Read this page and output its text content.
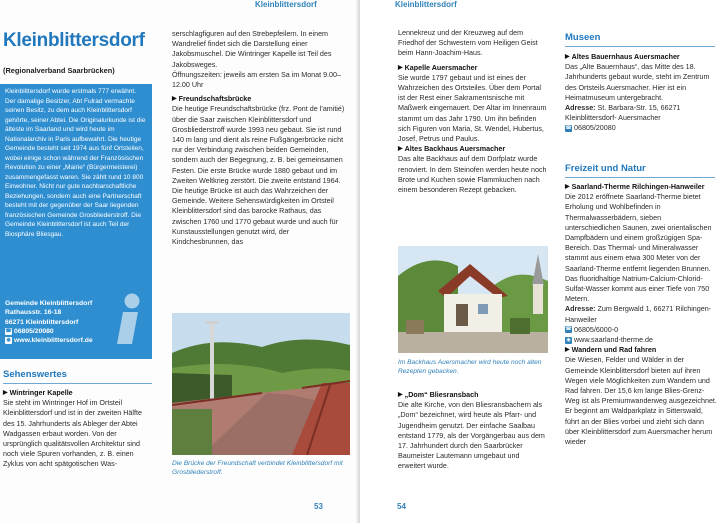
Kleinblittersdorf
Kleinblittersdorf
(Regionalverband Saarbrücken)

Kleinblittersdorf wurde erstmals 777 erwähnt. Der damalige Besitzer, Abt Fulrad vermachte seinen Besitz, zu dem auch Kleinblittersdorf gehörte, seiner Abtei. Die Originalurkunde ist die älteste im Saarland und wird heute im Nationalarchiv in Paris aufbewahrt. Die heutige Gemeinde besteht seit 1974 aus fünf Ortsteilen, wobei einige schon während der Französischen Revolution zu einer „Mairie“ (Bürgermeisterei) zusammengefasst waren. Sie zählt rund 10 800 Einwohner. Nicht nur gute nachbarschaftliche Beziehungen, sondern auch eine Partnerschaft besteht mit der gegenüber der Saar liegenden französischen Gemeinde Grosbliederstroff. Die Gemeinde Kleinblittersdorf ist auch Teil der Biosphäre Bliesgau.

Gemeinde Kleinblittersdorf
Rathausstr. 16-18
66271 Kleinblittersdorf
☎ 06805/20080
◉ www.kleinblittersdorf.de
Sehenswertes
▶ Wintringer Kapelle

Sie steht im Wintringer Hof im Ortsteil Kleinblittersdorf und ist in der zweiten Hälfte des 15. Jahrhunderts als Ableger der Abtei Wadgassen erbaut worden. Von der ursprünglich qualitätsvollen Architektur sind noch viele Spuren vorhanden, z. B. einen Zyklus von acht spätgotischen Was-

serschlagfiguren auf den Strebepfeilern. In einem Wandrelief findet sich die Darstellung einer Jakobsmuschel. Die Wintringer Kapelle ist Teil des Jakobsweges.

Öffnungszeiten: jeweils am ersten Sa im Monat 9.00–12.00 Uhr

▶ Freundschaftsbrücke

Die heutige Freundschaftsbrücke (frz. Pont de l’amitié) über die Saar zwischen Kleinblittersdorf und Grosbliederstroff wurde 1993 neu gebaut. Sie ist rund 140 m lang und dient als reine Fußgängerbrücke nicht nur der Verbindung zwischen beiden Gemeinden, sondern auch der Begegnung, z. B. bei gemeinsamen Festen. Die erste Brücke wurde 1880 gebaut und im Zweiten Weltkrieg zerstört. Die zweite entstand 1964. Die heutige Brücke ist auch das Wahrzeichen der Gemeinde. Weitere Sehenswürdigkeiten im Ortsteil Kleinblittersdorf sind das barocke Rathaus, das zwischen 1760 und 1770 gebaut wurde und auch für Kunstausstellungen genutzt wird, der Kindchesbrunnen, das

Die Brücke der Freundschaft verbindet Kleinblittersdorf mit Grosbliederstroff.
53
Kleinblittersdorf

Lennekreuz und der Kreuzweg auf dem Friedhof der Schwestern vom Heiligen Geist beim Hann-Joachim-Haus.

▶ Kapelle Auersmacher

Sie wurde 1797 gebaut und ist eines der Wahrzeichen des Ortsteiles. Über dem Portal ist der Rest einer Sakramentsnische mit Maßwerk eingemauert. Der Altar im Innenraum stammt um das Jahr 1790. Um ihn befinden sich Figuren von Maria, St. Wendel, Hubertus, Josef, Petrus und Paulus.

▶ Altes Backhaus Auersmacher

Das alte Backhaus auf dem Dorfplatz wurde renoviert. In dem Steinofen werden heute noch Brote und Kuchen sowie Flammkuchen nach einem besonderen Rezept gebacken.

Im Backhaus Auersmacher wird heute noch alten Rezepten gebacken.
▶ „Dom“ Bliesransbach

Die alte Kirche, von den Bliesransbachern als „Dom“ bezeichnet, wird heute als Pfarr- und Jugendheim genutzt. Der einfache Saalbau entstand 1779, als der Vorgängerbau aus dem 17. Jahrhundert durch den Saarbrücker Baumeister Lautemann umgebaut und erweitert wurde.

54
Museen
▶ Altes Bauernhaus Auersmacher

Das „Alte Bauernhaus“, das Mitte des 18. Jahrhunderts gebaut wurde, steht im Zentrum des Ortsteils Auersmacher. Hier ist ein Heimatmuseum untergebracht.

Adresse: St. Barbara-Str. 15, 66271 Kleinblittersdorf- Auersmacher

☎ 06805/20080
Freizeit und Natur
▶ Saarland-Therme Rilchingen-Hanweiler

Die 2012 eröffnete Saarland-Therme bietet Erholung und Wohlbefinden in Thermalwasserbädern, sieben unterschiedlichen Saunen, zwei orientalischen Dampfbädern und einem großzügigen Spa-Bereich. Das Thermal- und Mineralwasser stammt aus einem etwa 300 Meter von der Saarland-Therme entfernt liegenden Brunnen. Das fluoridhaltige Natrium-Calcium-Chlorid-Sulfat-Wasser kommt aus einer Tiefe von 750 Metern.

Adresse: Zum Bergwald 1, 66271 Rilchingen-Hanweiler

☎ 06805/6000-0
◉ www.saarland-therme.de
▶ Wandern und Rad fahren

Die Wiesen, Felder und Wälder in der Gemeinde Kleinblittersdorf bieten auf ihren Wegen viele Möglichkeiten zum Wandern und Rad fahren. Der 15,6 km lange Blies-Grenz-Weg ist als Premiumwanderweg ausgezeichnet. Er beginnt am Waldparkplatz in Sitterswald, führt an der Blies vorbei und zieht sich dann über Kleinblittersdorf zum Auersmacher herum wieder
